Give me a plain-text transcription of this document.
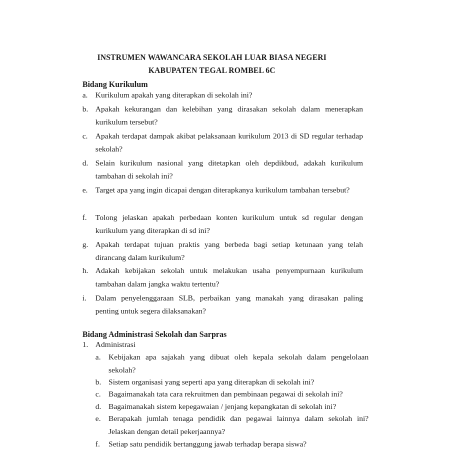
INSTRUMEN WAWANCARA SEKOLAH LUAR BIASA NEGERI
KABUPATEN TEGAL ROMBEL 6C
Bidang Kurikulum
a. Kurikulum apakah yang diterapkan di sekolah ini?
b. Apakah kekurangan dan kelebihan yang dirasakan sekolah dalam menerapkan kurikulum tersebut?
c. Apakah terdapat dampak akibat pelaksanaan kurikulum 2013 di SD regular terhadap sekolah?
d. Selain kurikulum nasional yang ditetapkan oleh depdikbud, adakah kurikulum tambahan di sekolah ini?
e. Target apa yang ingin dicapai dengan diterapkanya kurikulum tambahan tersebut?
f. Tolong jelaskan apakah perbedaan konten kurikulum untuk sd regular dengan kurikulum yang diterapkan di sd ini?
g. Apakah terdapat tujuan praktis yang berbeda bagi setiap ketunaan yang telah dirancang dalam kurikulum?
h. Adakah kebijakan sekolah untuk melakukan usaha penyempurnaan kurikulum tambahan dalam jangka waktu tertentu?
i. Dalam penyelenggaraan SLB, perbaikan yang manakah yang dirasakan paling penting untuk segera dilaksanakan?
Bidang Administrasi Sekolah dan Sarpras
1. Administrasi
a. Kebijakan apa sajakah yang dibuat oleh kepala sekolah dalam pengelolaan sekolah?
b. Sistem organisasi yang seperti apa yang diterapkan di sekolah ini?
c. Bagaimanakah tata cara rekruitmen dan pembinaan pegawai di sekolah ini?
d. Bagaimanakah sistem kepegawaian / jenjang kepangkatan di sekolah ini?
e. Berapakah jumlah tenaga pendidik dan pegawai lainnya dalam sekolah ini? Jelaskan dengan detail pekerjaannya?
f. Setiap satu pendidik bertanggung jawab terhadap berapa siswa?
